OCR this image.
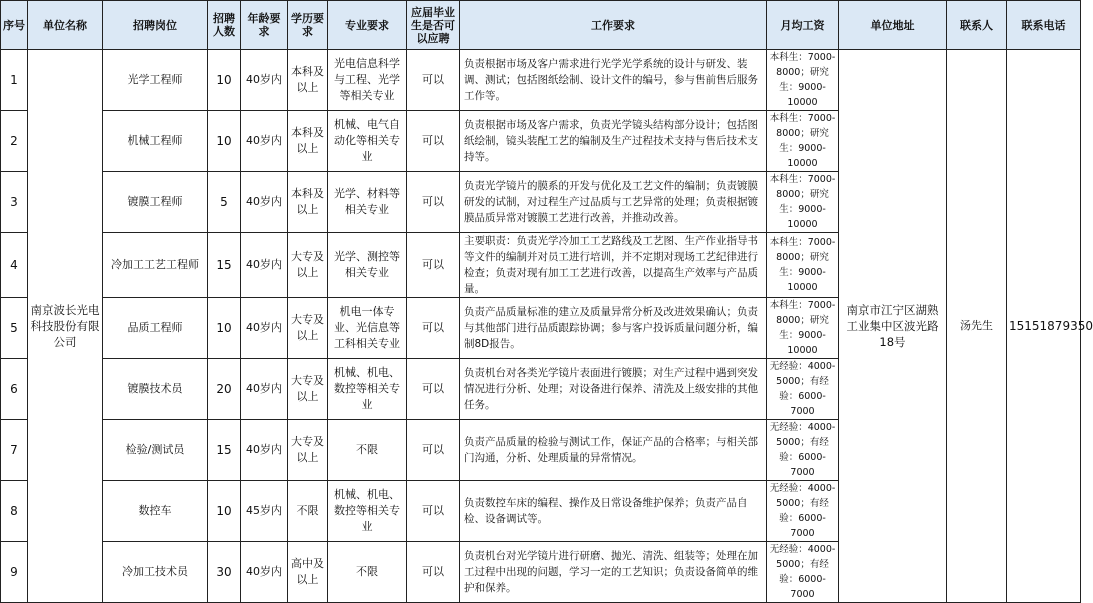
序号	单位名称	招聘岗位	招聘人数	年龄要求	学历要求	专业要求	应届毕业生是否可以应聘	工作要求	月均工资	单位地址	联系人	联系电话
1	南京波长光电科技股份有限公司	光学工程师	10	40岁内	本科及以上	光电信息科学与工程、光学等相关专业	可以	负责根据市场及客户需求进行光学光学系统的设计与研发、装调、测试；包括图纸绘制、设计文件的编号，参与售前售后服务工作等。	本科生：7000-8000；研究生：9000-10000	南京市江宁区湖熟工业集中区波光路18号	汤先生	15151879350
2		机械工程师	10	40岁内	本科及以上	机械、电气自动化等相关专业	可以	负责根据市场及客户需求，负责光学镜头结构部分设计；包括图纸绘制，镜头装配工艺的编制及生产过程技术支持与售后技术支持等。	本科生：7000-8000；研究生：9000-10000			
3		镀膜工程师	5	40岁内	本科及以上	光学、材料等相关专业	可以	负责光学镜片的膜系的开发与优化及工艺文件的编制；负责镀膜研发的试制，对过程生产过品质与工艺异常的处理；负责根据镀膜品质异常对镀膜工艺进行改善，并推动改善。	本科生：7000-8000；研究生：9000-10000			
4		冷加工工艺工程师	15	40岁内	大专及以上	光学、测控等相关专业	可以	主要职责：负责光学冷加工工艺路线及工艺图、生产作业指导书等文件的编制并对员工进行培训，并不定期对现场工艺纪律进行检查；负责对现有加工工艺进行改善，以提高生产效率与产品质量。	本科生：7000-8000；研究生：9000-10000			
5		品质工程师	10	40岁内	大专及以上	机电一体专业、光信息等工科相关专业	可以	负责产品质量标准的建立及质量异常分析及改进效果确认；负责与其他部门进行品质跟踪协调；参与客户投诉质量问题分析，编制8D报告。	本科生：7000-8000；研究生：9000-10000			
6		镀膜技术员	20	40岁内	大专及以上	机械、机电、数控等相关专业	可以	负责机台对各类光学镜片表面进行镀膜；对生产过程中遇到突发情况进行分析、处理；对设备进行保养、清洗及上级安排的其他任务。	无经验：4000-5000；有经验：6000-7000			
7		检验/测试员	15	40岁内	大专及以上	不限	可以	负责产品质量的检验与测试工作，保证产品的合格率；与相关部门沟通，分析、处理质量的异常情况。	无经验：4000-5000；有经验：6000-7000			
8		数控车	10	45岁内	不限	机械、机电、数控等相关专业	可以	负责数控车床的编程、操作及日常设备维护保养；负责产品自检、设备调试等。	无经验：4000-5000；有经验：6000-7000			
9		冷加工技术员	30	40岁内	高中及以上	不限	可以	负责机台对光学镜片进行研磨、抛光、清洗、组装等；处理在加工过程中出现的问题，学习一定的工艺知识；负责设备简单的维护和保养。	无经验：4000-5000；有经验：6000-7000			
